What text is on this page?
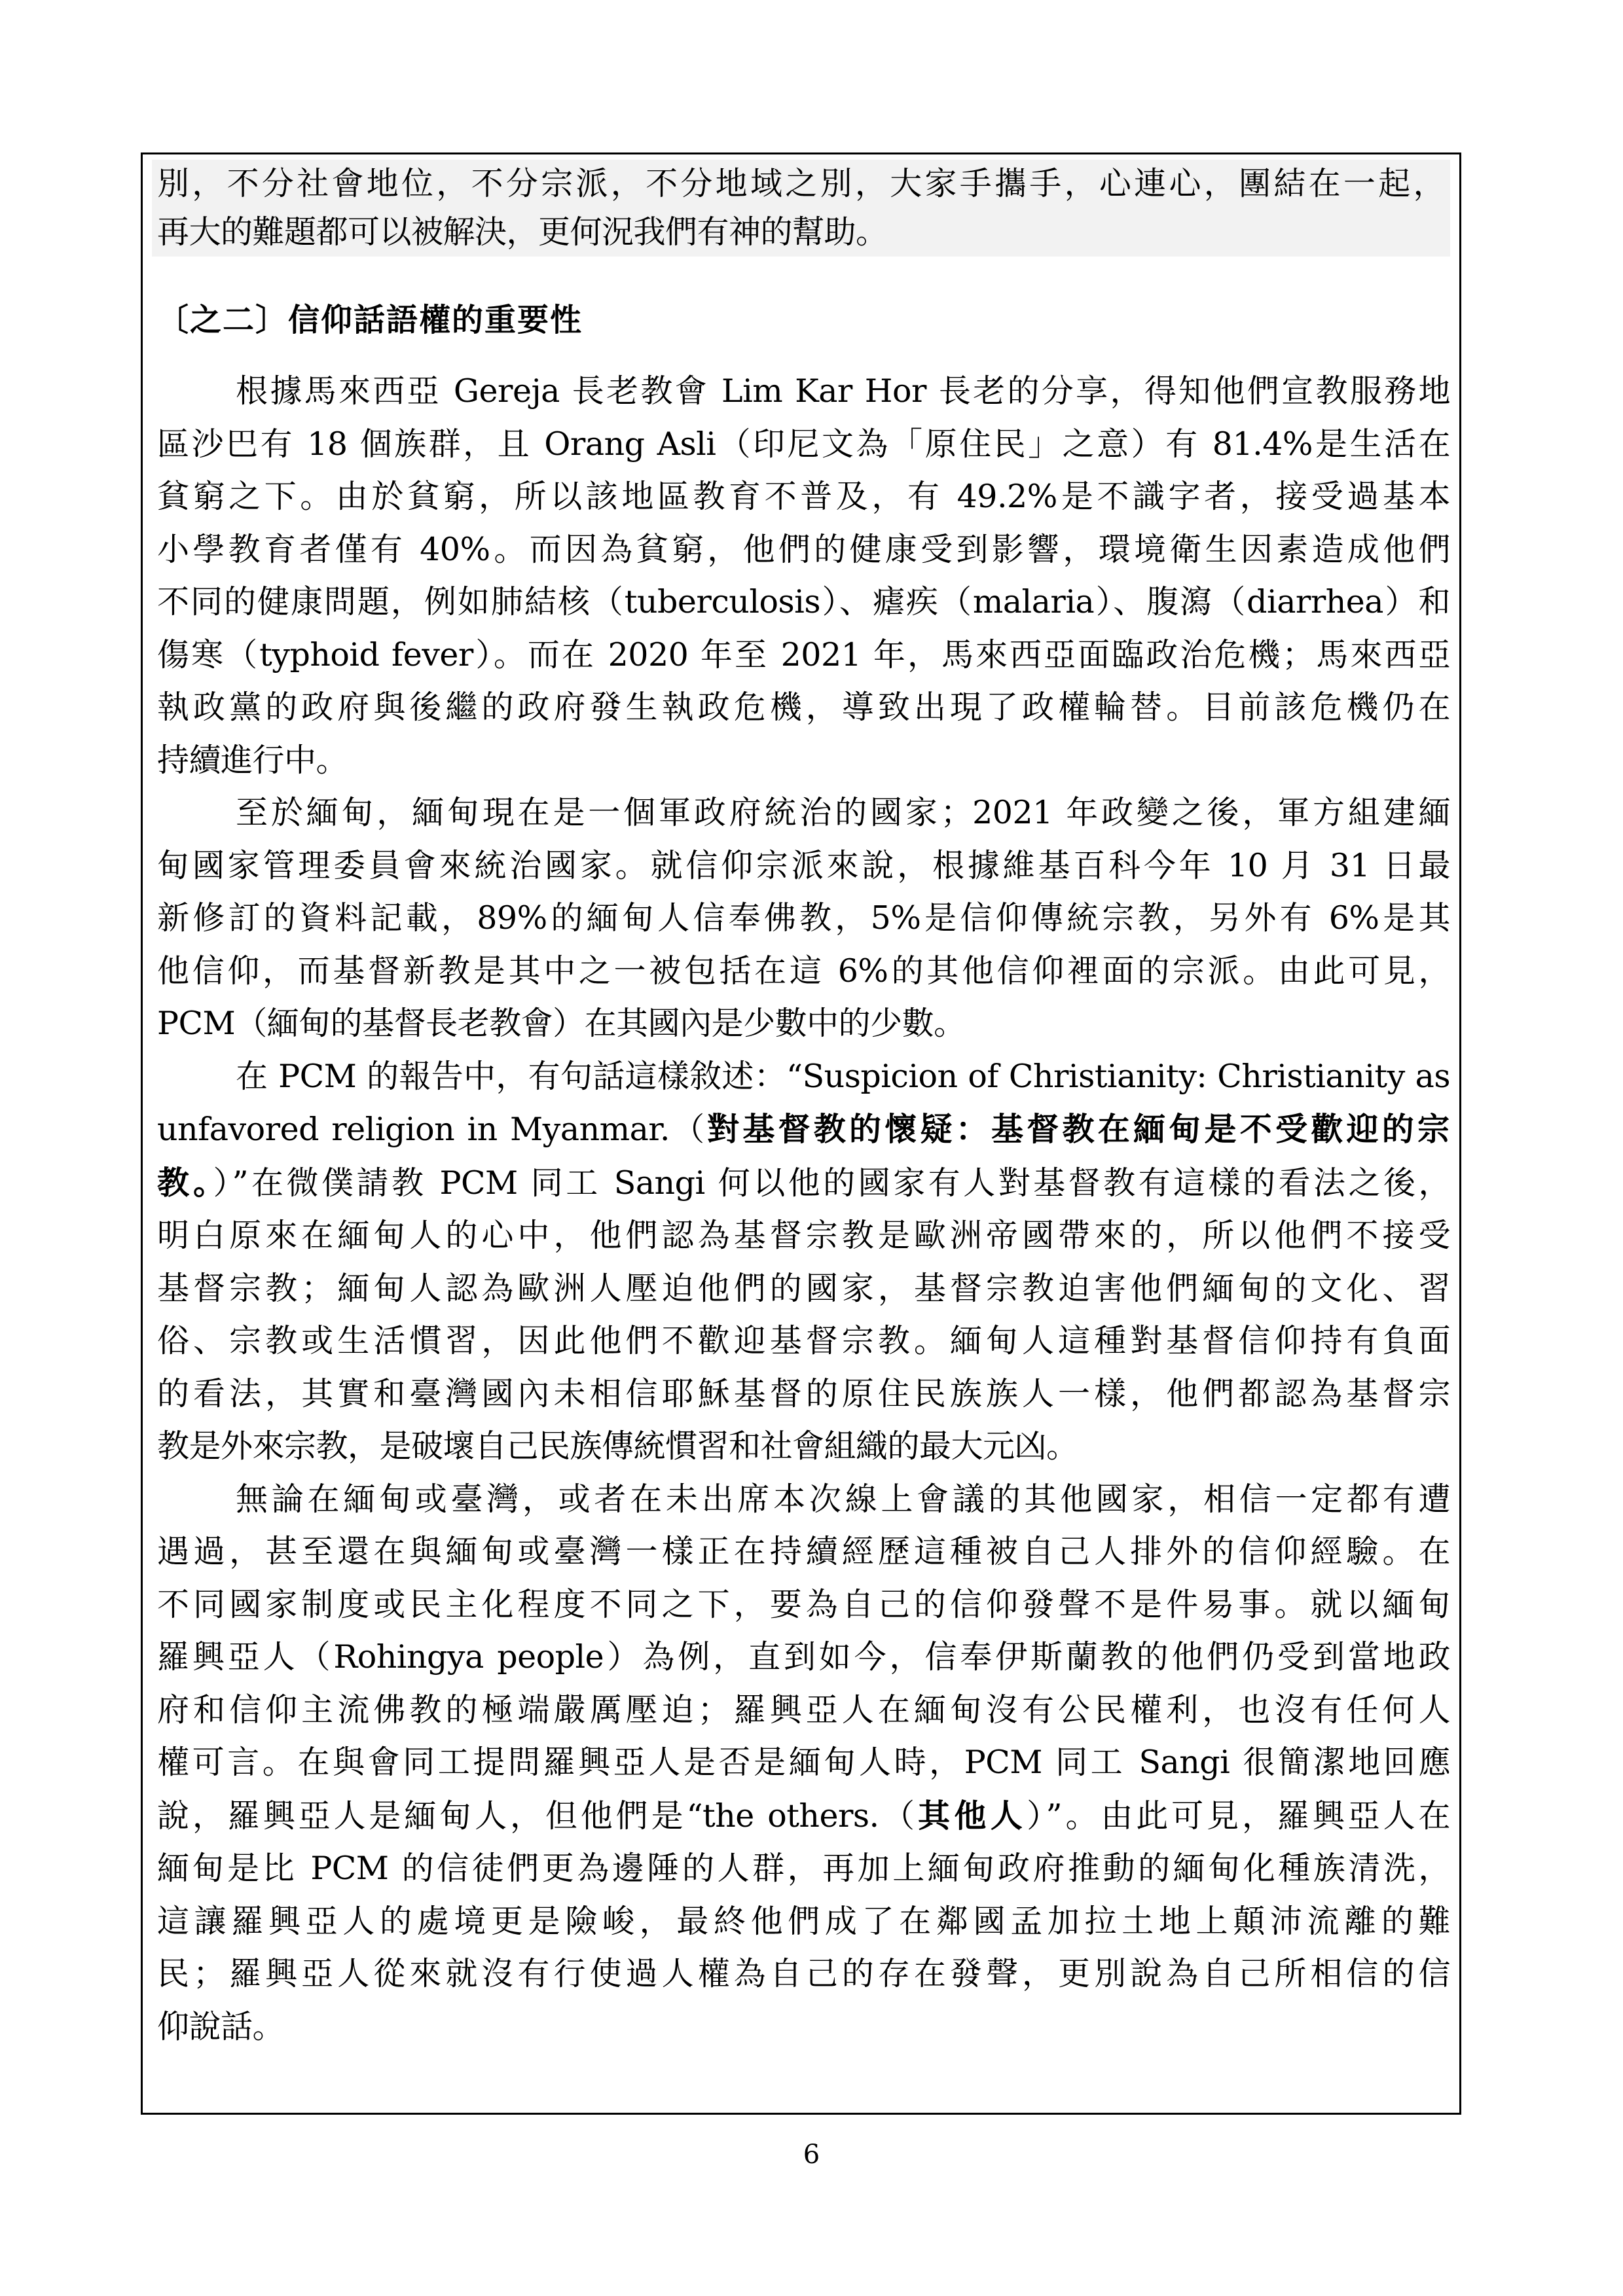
別，不分社會地位，不分宗派，不分地域之別，大家手攜手，心連心，團結在一起，
再大的難題都可以被解決，更何況我們有神的幫助。
〔之二〕信仰話語權的重要性
根據馬來西亞 Gereja 長老教會 Lim Kar Hor 長老的分享，得知他們宣教服務地
區沙巴有 18 個族群，且 Orang Asli（印尼文為「原住民」之意）有 81.4%是生活在
貧窮之下。由於貧窮，所以該地區教育不普及，有 49.2%是不識字者，接受過基本
小學教育者僅有 40%。而因為貧窮，他們的健康受到影響，環境衛生因素造成他們
不同的健康問題，例如肺結核（tuberculosis）、瘧疾（malaria）、腹瀉（diarrhea）和
傷寒（typhoid fever）。而在 2020 年至 2021 年，馬來西亞面臨政治危機；馬來西亞
執政黨的政府與後繼的政府發生執政危機，導致出現了政權輪替。目前該危機仍在
持續進行中。
至於緬甸，緬甸現在是一個軍政府統治的國家；2021 年政變之後，軍方組建緬
甸國家管理委員會來統治國家。就信仰宗派來說，根據維基百科今年 10 月 31 日最
新修訂的資料記載，89%的緬甸人信奉佛教，5%是信仰傳統宗教，另外有 6%是其
他信仰，而基督新教是其中之一被包括在這 6%的其他信仰裡面的宗派。由此可見，
PCM（緬甸的基督長老教會）在其國內是少數中的少數。
在 PCM 的報告中，有句話這樣敘述：“Suspicion of Christianity: Christianity as
unfavored religion in Myanmar.（對基督教的懷疑：基督教在緬甸是不受歡迎的宗
教。）”在微僕請教 PCM 同工 Sangi 何以他的國家有人對基督教有這樣的看法之後，
明白原來在緬甸人的心中，他們認為基督宗教是歐洲帝國帶來的，所以他們不接受
基督宗教；緬甸人認為歐洲人壓迫他們的國家，基督宗教迫害他們緬甸的文化、習
俗、宗教或生活慣習，因此他們不歡迎基督宗教。緬甸人這種對基督信仰持有負面
的看法，其實和臺灣國內未相信耶穌基督的原住民族族人一樣，他們都認為基督宗
教是外來宗教，是破壞自己民族傳統慣習和社會組織的最大元凶。
無論在緬甸或臺灣，或者在未出席本次線上會議的其他國家，相信一定都有遭
遇過，甚至還在與緬甸或臺灣一樣正在持續經歷這種被自己人排外的信仰經驗。在
不同國家制度或民主化程度不同之下，要為自己的信仰發聲不是件易事。就以緬甸
羅興亞人（Rohingya people）為例，直到如今，信奉伊斯蘭教的他們仍受到當地政
府和信仰主流佛教的極端嚴厲壓迫；羅興亞人在緬甸沒有公民權利，也沒有任何人
權可言。在與會同工提問羅興亞人是否是緬甸人時，PCM 同工 Sangi 很簡潔地回應
說，羅興亞人是緬甸人，但他們是“the others.（其他人）”。由此可見，羅興亞人在
緬甸是比 PCM 的信徒們更為邊陲的人群，再加上緬甸政府推動的緬甸化種族清洗，
這讓羅興亞人的處境更是險峻，最終他們成了在鄰國孟加拉土地上顛沛流離的難
民；羅興亞人從來就沒有行使過人權為自己的存在發聲，更別說為自己所相信的信
仰說話。
6
